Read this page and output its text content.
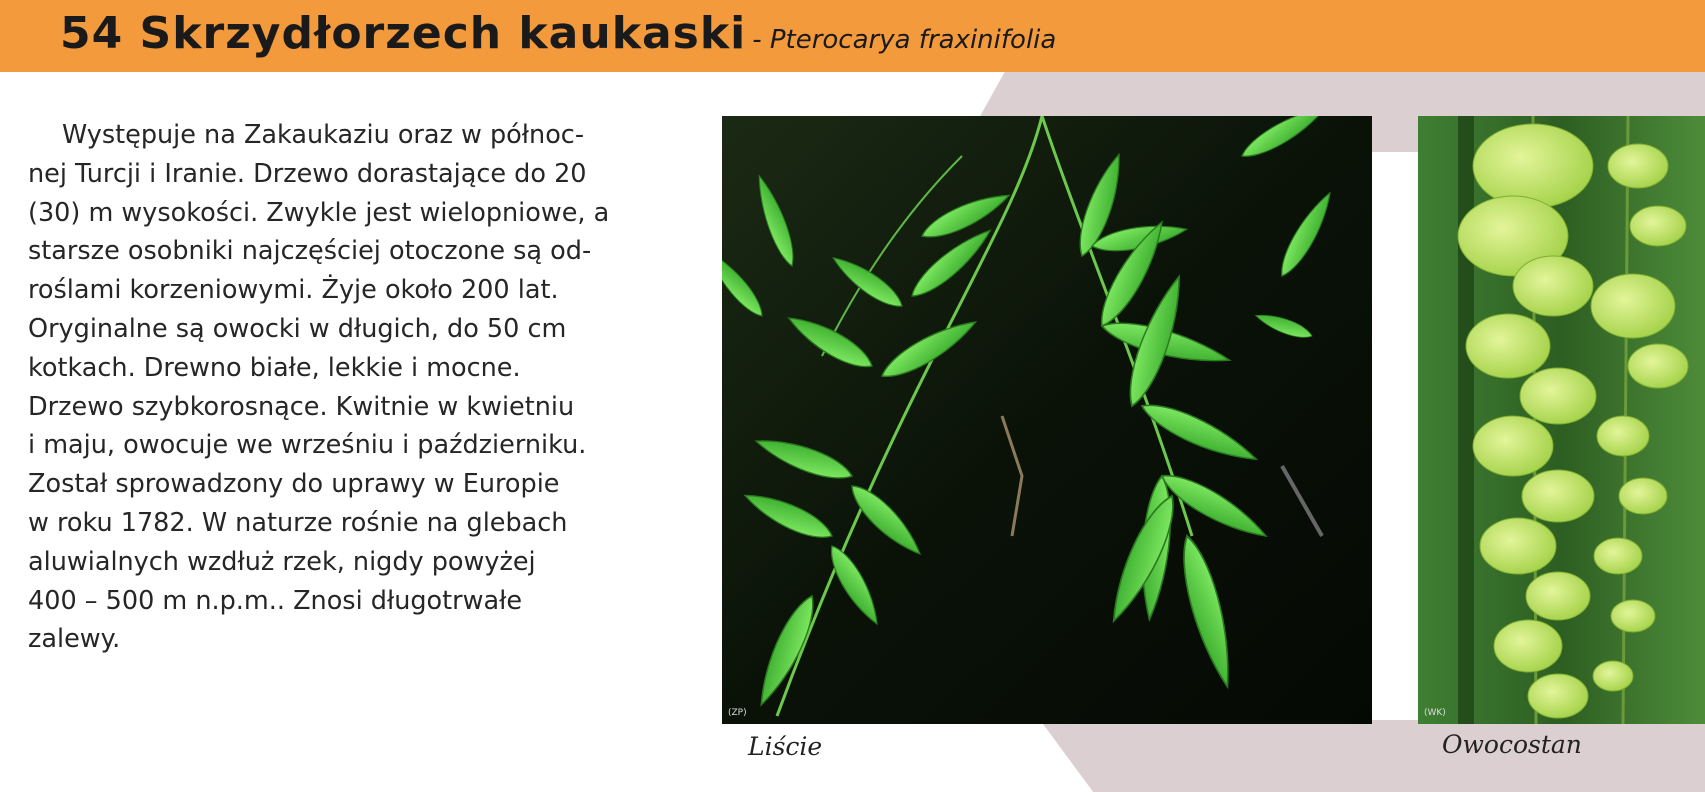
54 Skrzydłorzech kaukaski - Pterocarya fraxinifolia
Występuje na Zakaukaziu oraz w północ-
nej Turcji i Iranie. Drzewo dorastające do 20
(30) m wysokości. Zwykle jest wielopniowe, a
starsze osobniki najczęściej otoczone są od-
roślami korzeniowymi. Żyje około 200 lat.
Oryginalne są owocki w długich, do 50 cm
kotkach. Drewno białe, lekkie i mocne.
Drzewo szybkorosnące. Kwitnie w kwietniu
i maju, owocuje we wrześniu i październiku.
Został sprowadzony do uprawy w Europie
w roku 1782. W naturze rośnie na glebach
aluwialnych wzdłuż rzek, nigdy powyżej
400 – 500 m n.p.m.. Znosi długotrwałe
zalewy.
(ZP)	(WK)
Liście	Owocostan
